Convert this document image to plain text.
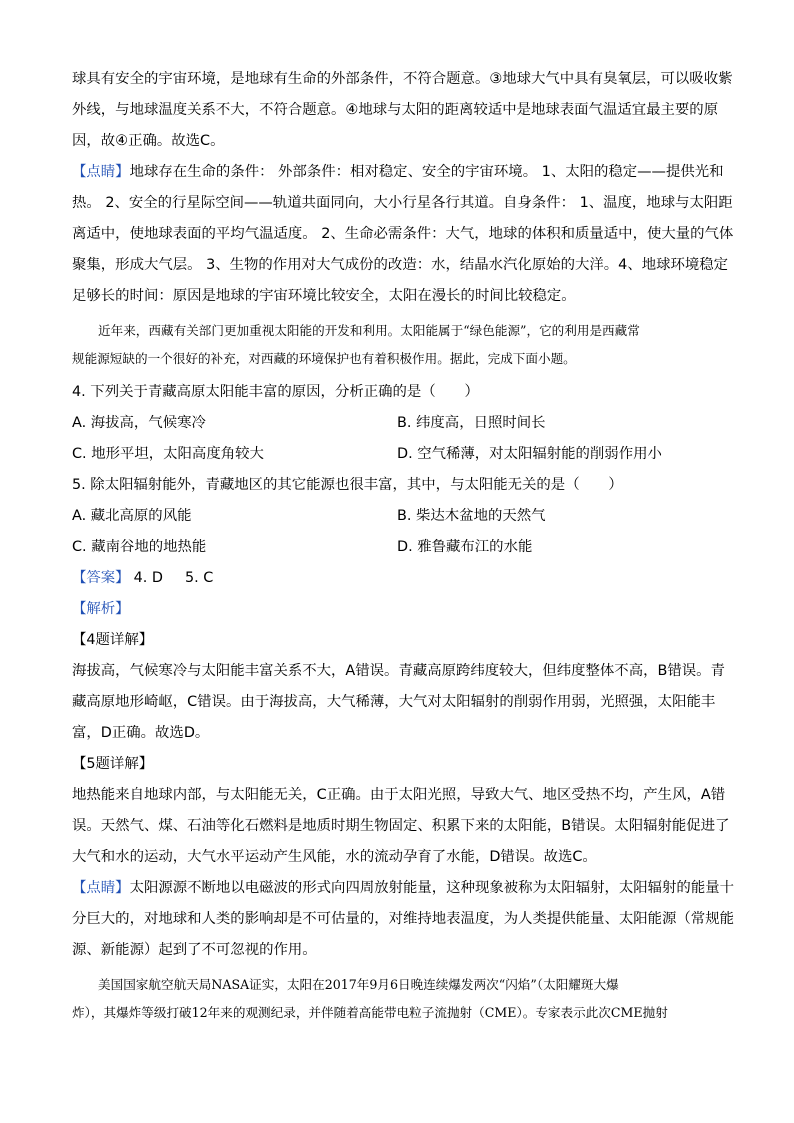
球具有安全的宇宙环境，是地球有生命的外部条件，不符合题意。③地球大气中具有臭氧层，可以吸收紫
外线，与地球温度关系不大，不符合题意。④地球与太阳的距离较适中是地球表面气温适宜最主要的原
因，故④正确。故选C。

【点睛】地球存在生命的条件： 外部条件：相对稳定、安全的宇宙环境。 1、太阳的稳定——提供光和
热。 2、安全的行星际空间——轨道共面同向，大小行星各行其道。自身条件： 1、温度，地球与太阳距
离适中，使地球表面的平均气温适度。 2、生命必需条件：大气，地球的体积和质量适中，使大量的气体
聚集，形成大气层。 3、生物的作用对大气成份的改造：水，结晶水汽化原始的大洋。4、地球环境稳定
足够长的时间：原因是地球的宇宙环境比较安全，太阳在漫长的时间比较稳定。

近年来，西藏有关部门更加重视太阳能的开发和利用。太阳能属于“绿色能源”，它的利用是西藏常
规能源短缺的一个很好的补充，对西藏的环境保护也有着积极作用。据此，完成下面小题。

4. 下列关于青藏高原太阳能丰富的原因，分析正确的是（　　）
A. 海拔高，气候寒冷	B. 纬度高，日照时间长
C. 地形平坦，太阳高度角较大	D. 空气稀薄，对太阳辐射能的削弱作用小
5. 除太阳辐射能外，青藏地区的其它能源也很丰富，其中，与太阳能无关的是（　　）
A. 藏北高原的风能	B. 柴达木盆地的天然气
C. 藏南谷地的地热能	D. 雅鲁藏布江的水能
【答案】 4. D 5. C
【解析】
【4题详解】

海拔高，气候寒冷与太阳能丰富关系不大，A错误。青藏高原跨纬度较大，但纬度整体不高，B错误。青
藏高原地形崎岖，C错误。由于海拔高，大气稀薄，大气对太阳辐射的削弱作用弱，光照强，太阳能丰
富，D正确。故选D。

【5题详解】

地热能来自地球内部，与太阳能无关，C正确。由于太阳光照，导致大气、地区受热不均，产生风，A错
误。天然气、煤、石油等化石燃料是地质时期生物固定、积累下来的太阳能，B错误。太阳辐射能促进了
大气和水的运动，大气水平运动产生风能，水的流动孕育了水能，D错误。故选C。

【点睛】太阳源源不断地以电磁波的形式向四周放射能量，这种现象被称为太阳辐射，太阳辐射的能量十
分巨大的，对地球和人类的影响却是不可估量的，对维持地表温度，为人类提供能量、太阳能源（常规能
源、新能源）起到了不可忽视的作用。

美国国家航空航天局NASA证实，太阳在2017年9月6日晚连续爆发两次“闪焰”（太阳耀斑大爆
炸），其爆炸等级打破12年来的观测纪录，并伴随着高能带电粒子流抛射（CME）。专家表示此次CME抛射
